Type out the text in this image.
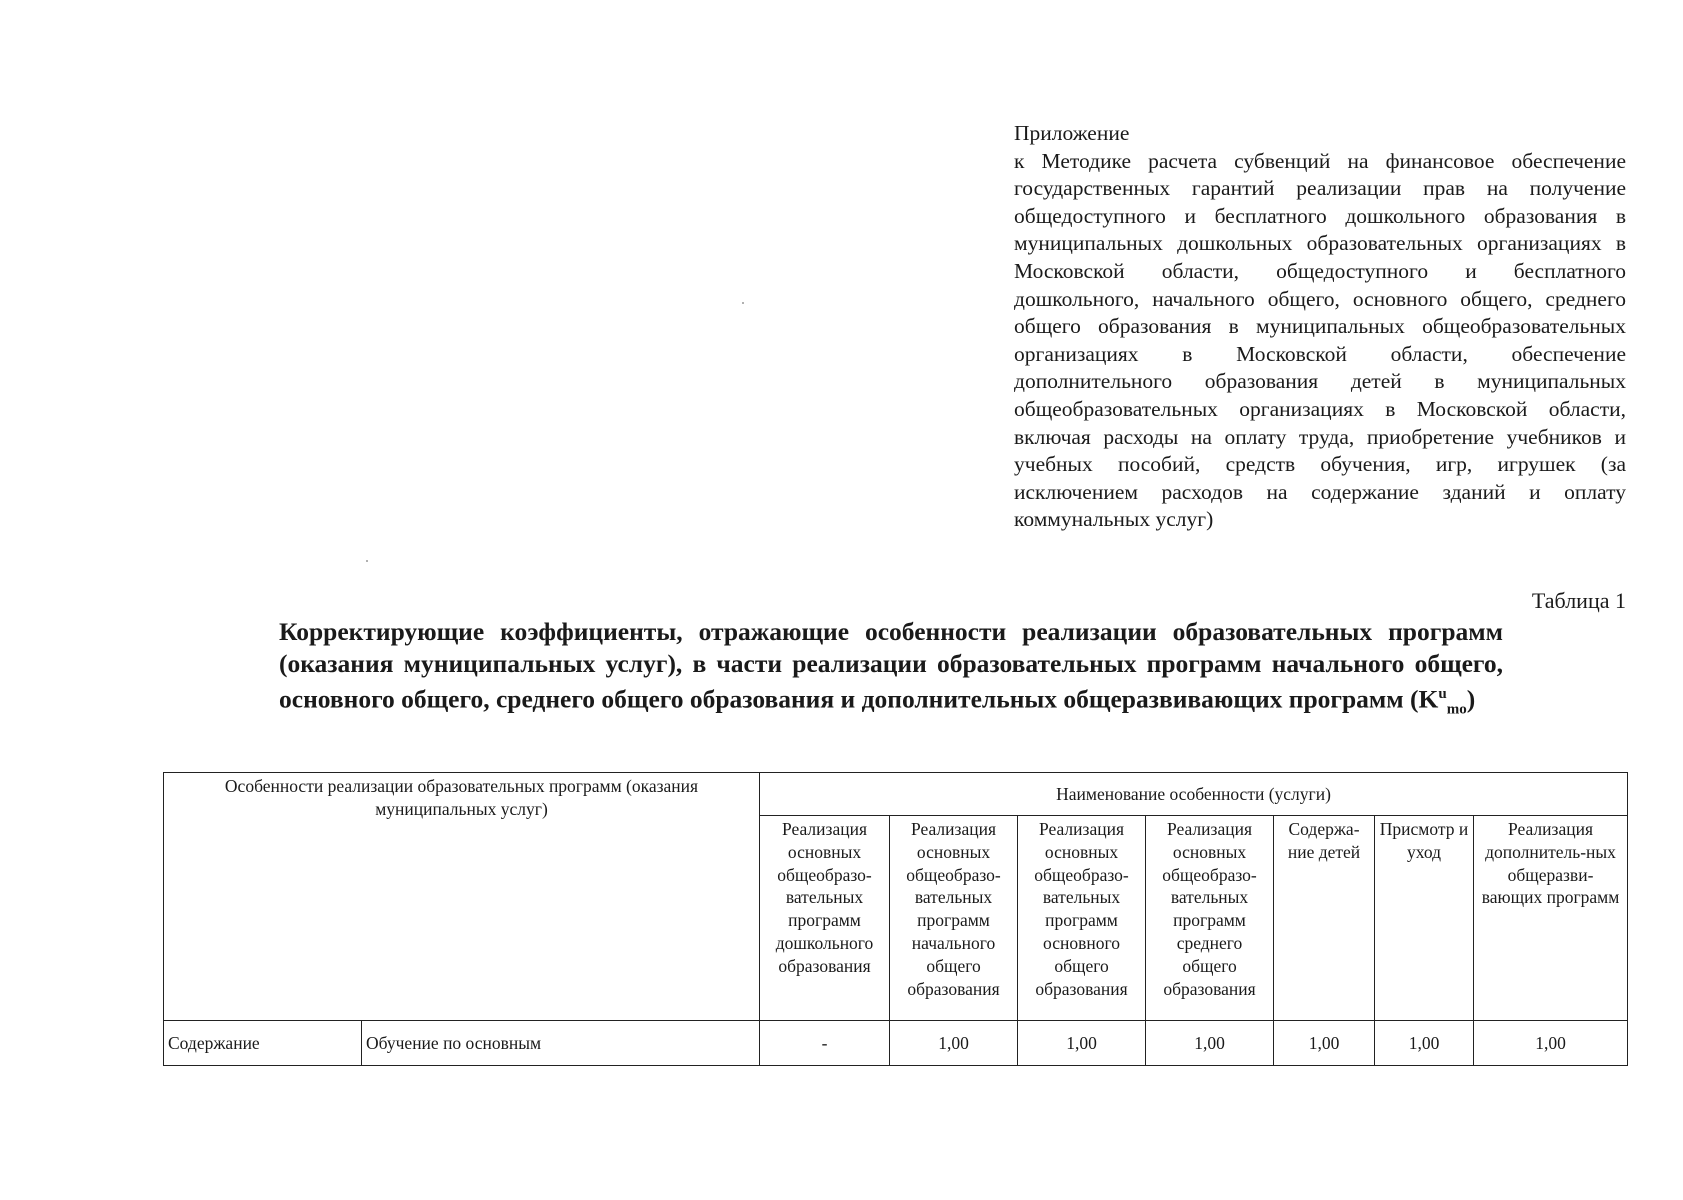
Приложение
к Методике расчета субвенций на финансовое обеспечение государственных гарантий реализации прав на получение общедоступного и бесплатного дошкольного образования в муниципальных дошкольных образовательных организациях в Московской области, общедоступного и бесплатного дошкольного, начального общего, основного общего, среднего общего образования в муниципальных общеобразовательных организациях в Московской области, обеспечение дополнительного образования детей в муниципальных общеобразовательных организациях в Московской области, включая расходы на оплату труда, приобретение учебников и учебных пособий, средств обучения, игр, игрушек (за исключением расходов на содержание зданий и оплату коммунальных услуг)
Таблица 1
Корректирующие коэффициенты, отражающие особенности реализации образовательных программ (оказания муниципальных услуг), в части реализации образовательных программ начального общего, основного общего, среднего общего образования и дополнительных общеразвивающих программ $(K^u_{mo})$
Особенности реализации образовательных программ (оказания муниципальных услуг)		Наименование особенности (услуги)						
		Реализация основных общеобразо-вательных программ дошкольного образования	Реализация основных общеобразо-вательных программ начального общего образования	Реализация основных общеобразо-вательных программ основного общего образования	Реализация основных общеобразо-вательных программ среднего общего образования	Содержа-ние детей	Присмотр и уход	Реализация дополнитель-ных общеразви-вающих программ
Содержание	Обучение по основным	-	1,00	1,00	1,00	1,00	1,00	1,00
